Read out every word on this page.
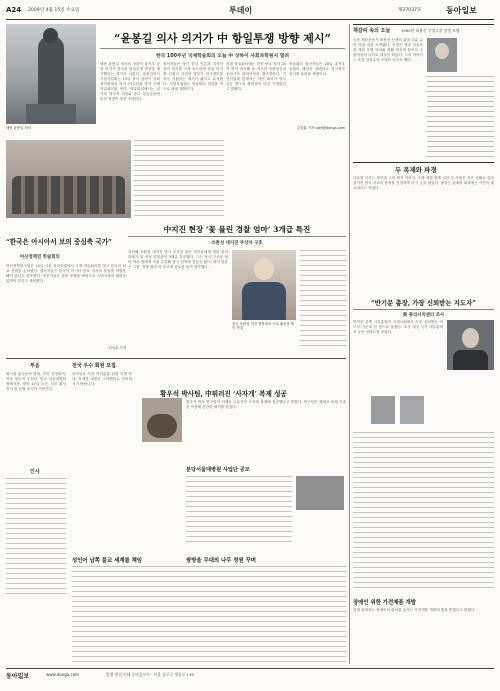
A24 2009년 4월 15일 수요일	투데이	제27037호	동아일보
매헌 윤봉길 의사
“윤봉길 의사 의거가 中 항일투쟁 방향 제시”
한국 100주년 국제학술회의 오늘 中 상하이 사회과학원서 열려
매헌 윤봉길 의사의 상하이 홍커우 공원 의거가 중국의 항일투쟁 방향을 제시했다는 평가가 나왔다. 윤봉길의사기념사업회는 15일 중국 상하이 사회과학원에서 의거 77주년을 맞아 국제학술회의를 연다. 학술회의에서는 의거의 역사적 의미와 중국 항일운동에 미친 영향이 집중 조명된다.
참석자들은 당시 중국 언론과 지식인들이 의거를 크게 보도하며 항일 의지를 다졌고 국민당 정부가 임시정부를 적극 지원하는 계기가 됐다고 분석했다. 기념사업회는 학술회의 결과를 책으로 펴낼 계획이다.
한편 학술회의에는 한중 양국 학자 20여 명이 참석해 윤 의사의 독립정신과 동아시아 평화사상을 재조명한다. 기념사업회 관계자는 이번 회의가 양국 공동 연구의 출발점이 되길 기대한다고 말했다.
학술회의 참가자들은 16일 홍커우 공원의 매정을 참배하고 임시정부 청사를 둘러볼 예정이다.
김상훈 기자 core@donga.com
책갈피 속의 오늘	1960년 최용신 무명고찰 선생 조명
농촌 계몽운동가 최용신 선생의 삶을 다룬 글이 이날 처음 소개됐다. 선생은 샘골 강습소를 세워 문맹 퇴치와 생활 개선에 힘쓰다 스물여섯의 나이로 세상을 떠났다. 그의 이야기는 소설 상록수의 모델이 되기도 했다.
두 목재와 파경
나무를 다루는 장인과 그의 제자 이야기. 오랜 세월 함께 일한 두 사람은 작은 오해로 갈라섰지만 결국 서로의 솜씨를 인정하며 다시 손을 잡았다. 필자는 관계의 회복에는 시간이 필요하다고 적었다.
“반기문 총장, 가장 신뢰받는 지도자”
美 퓨리서치센터 조사
반기문 유엔 사무총장이 국제사회에서 가장 신뢰받는 지도자 가운데 한 명으로 꼽혔다. 조사 대상 국가 대부분에서 높은 신뢰도를 보였다.
“한국은 아시아서 보의 중심축 국가”
아산정책연 학술회의
아산정책연구원은 14일 서울 신라호텔에서 국제 학술회의를 열고 한국의 외교 전략을 논의했다. 참석자들은 한국이 아시아 안보 질서의 중심축 역할을 해야 한다고 강조했다. 전문가들은 한미 동맹을 바탕으로 주변국과의 협력을 넓혀야 한다고 제언했다.
신석호 기자
中지진 현장 ‘꽃 물린 경찰 엄마’ 3개급 특진
쓰촨성 대지진 부상자 구호
지난해 쓰촨성 대지진 당시 부모를 잃은 아기들에게 젖을 물려 화제가 된 여성 경찰관이 3계급 특진했다. 그는 당시 구조된 영아 여러 명에게 직접 수유해 중국 전역에 감동을 줬다. 현지 언론은 그를 ‘경찰 엄마’라 부르며 공로를 높이 평가했다.
중국 쓰촨성 지진 현장에서 구호 활동을 벌인 여경
부음
회사원 홍길동씨 별세, 부인 김영희씨, 아들 철수씨 부친상. 빈소 서울대병원 장례식장, 발인 17일 오전. 다른 회사 인사 및 동정 소식이 이어진다.
인사
전국 우수 회원 모집
동아일보 독자 여러분을 위한 특별 안내. 자세한 내용은 고객센터로 문의하시기 바랍니다.
황우석 박사팀, 中튀러진 ‘사자개’ 복제 성공
황우석 박사 연구팀이 티베트 고유종인 사자개 복제에 성공했다고 밝혔다. 연구팀은 체세포 복제 기술을 이용해 건강한 새끼를 얻었다.
분당서울대병원 사업단 공모
성인어 남쪽 불교 세계를 책임	쌍방울 무대의 나무 정원 꾸며
장애인 위한 가전제품 개발
업체 관계자는 장애인의 편의를 높이는 가전제품 개발에 힘을 쏟겠다고 밝혔다.
동아일보	www.donga.com	발행 편집 인쇄 동아일보사 · 서울 종로구 세종로 139
